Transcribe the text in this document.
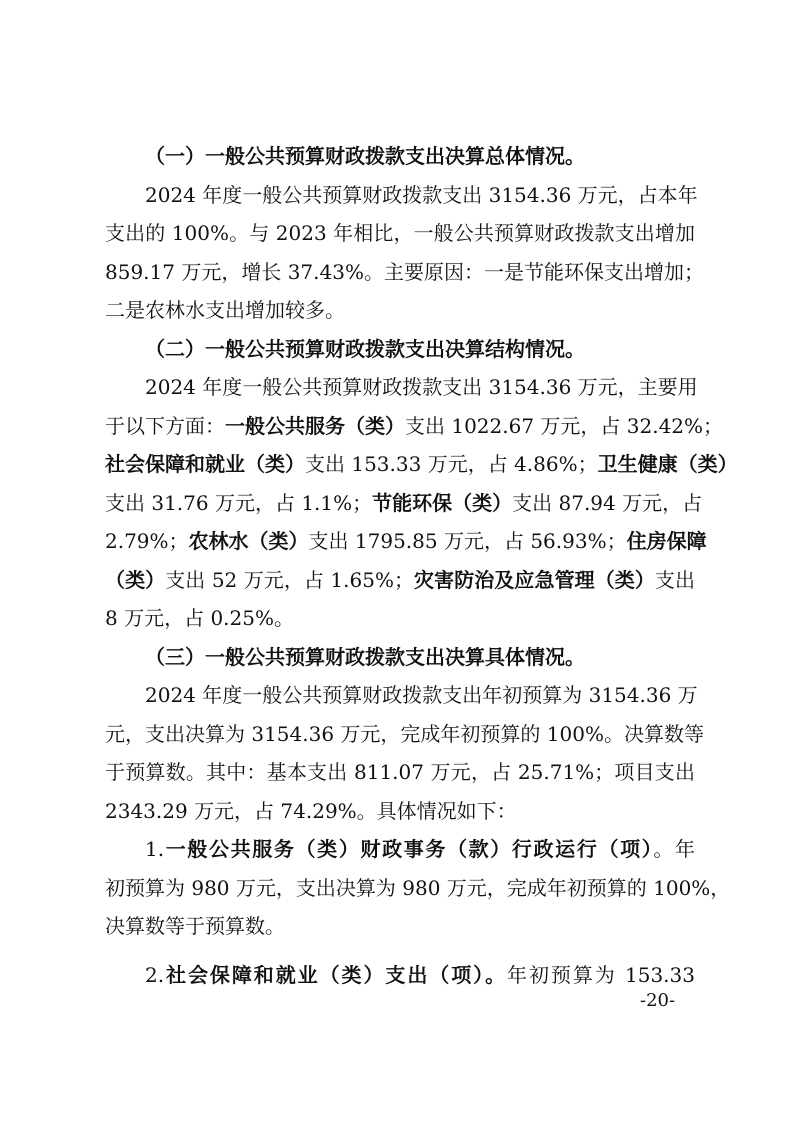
（一）一般公共预算财政拨款支出决算总体情况。
2024 年度一般公共预算财政拨款支出 3154.36 万元，占本年
支出的 100%。与 2023 年相比，一般公共预算财政拨款支出增加
859.17 万元，增长 37.43%。主要原因：一是节能环保支出增加；
二是农林水支出增加较多。
（二）一般公共预算财政拨款支出决算结构情况。
2024 年度一般公共预算财政拨款支出 3154.36 万元，主要用
于以下方面：一般公共服务（类）支出 1022.67 万元，占 32.42%；
社会保障和就业（类）支出 153.33 万元，占 4.86%；卫生健康（类）
支出 31.76 万元，占 1.1%；节能环保（类）支出 87.94 万元，占
2.79%；农林水（类）支出 1795.85 万元，占 56.93%；住房保障
（类）支出 52 万元，占 1.65%；灾害防治及应急管理（类）支出
8 万元，占 0.25%。
（三）一般公共预算财政拨款支出决算具体情况。
2024 年度一般公共预算财政拨款支出年初预算为 3154.36 万
元，支出决算为 3154.36 万元，完成年初预算的 100%。决算数等
于预算数。其中：基本支出 811.07 万元，占 25.71%；项目支出
2343.29 万元，占 74.29%。具体情况如下：
1.一般公共服务（类）财政事务（款）行政运行（项）。年
初预算为 980 万元，支出决算为 980 万元，完成年初预算的 100%，
决算数等于预算数。
2.社会保障和就业（类）支出（项）。年初预算为 153.33
-20-
